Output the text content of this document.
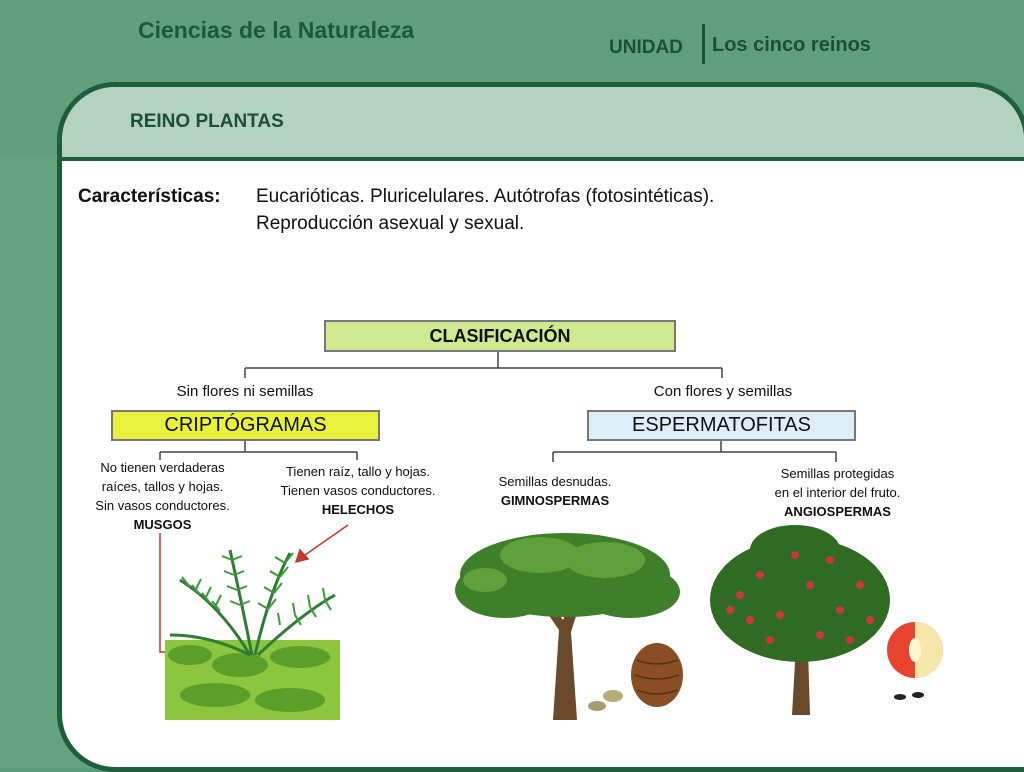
Ciencias de la Naturaleza
UNIDAD Los cinco reinos
REINO PLANTAS
Características: Eucarióticas. Pluricelulares. Autótrofas (fotosintéticas).
Reproducción asexual y sexual.
CLASIFICACIÓN
Sin flores ni semillas	Con flores y semillas
CRIPTÓGRAMAS	ESPERMATOFITAS
No tienen verdaderas
raíces, tallos y hojas.
Sin vasos conductores.
MUSGOS
Tienen raíz, tallo y hojas.
Tienen vasos conductores.
HELECHOS
Semillas desnudas.
GIMNOSPERMAS
Semillas protegidas
en el interior del fruto.
ANGIOSPERMAS
